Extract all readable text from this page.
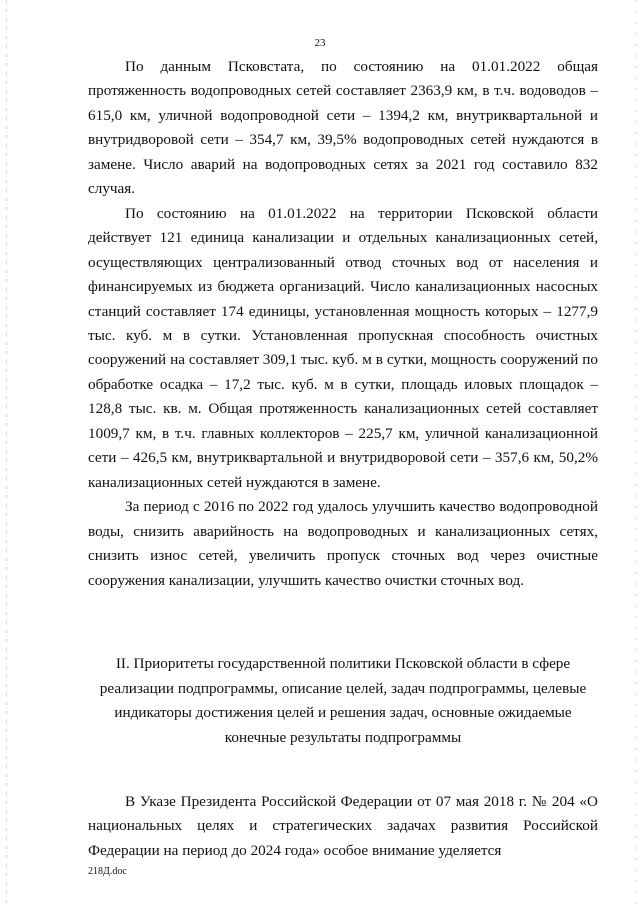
23

По данным Псковстата, по состоянию на 01.01.2022 общая протяженность водопроводных сетей составляет 2363,9 км, в т.ч. водоводов – 615,0 км, уличной водопроводной сети – 1394,2 км, внутриквартальной и внутридворовой сети – 354,7 км, 39,5% водопроводных сетей нуждаются в замене. Число аварий на водопроводных сетях за 2021 год составило 832 случая.

По состоянию на 01.01.2022 на территории Псковской области действует 121 единица канализации и отдельных канализационных сетей, осуществляющих централизованный отвод сточных вод от населения и финансируемых из бюджета организаций. Число канализационных насосных станций составляет 174 единицы, установленная мощность которых – 1277,9 тыс. куб. м в сутки. Установленная пропускная способность очистных сооружений на составляет 309,1 тыс. куб. м в сутки, мощность сооружений по обработке осадка – 17,2 тыс. куб. м в сутки, площадь иловых площадок – 128,8 тыс. кв. м. Общая протяженность канализационных сетей составляет 1009,7 км, в т.ч. главных коллекторов – 225,7 км, уличной канализационной сети – 426,5 км, внутриквартальной и внутридворовой сети – 357,6 км, 50,2% канализационных сетей нуждаются в замене.

За период с 2016 по 2022 год удалось улучшить качество водопроводной воды, снизить аварийность на водопроводных и канализационных сетях, снизить износ сетей, увеличить пропуск сточных вод через очистные сооружения канализации, улучшить качество очистки сточных вод.

II. Приоритеты государственной политики Псковской области в сфере реализации подпрограммы, описание целей, задач подпрограммы, целевые индикаторы достижения целей и решения задач, основные ожидаемые конечные результаты подпрограммы

В Указе Президента Российской Федерации от 07 мая 2018 г. № 204 «О национальных целях и стратегических задачах развития Российской Федерации на период до 2024 года» особое внимание уделяется

218Д.doc
